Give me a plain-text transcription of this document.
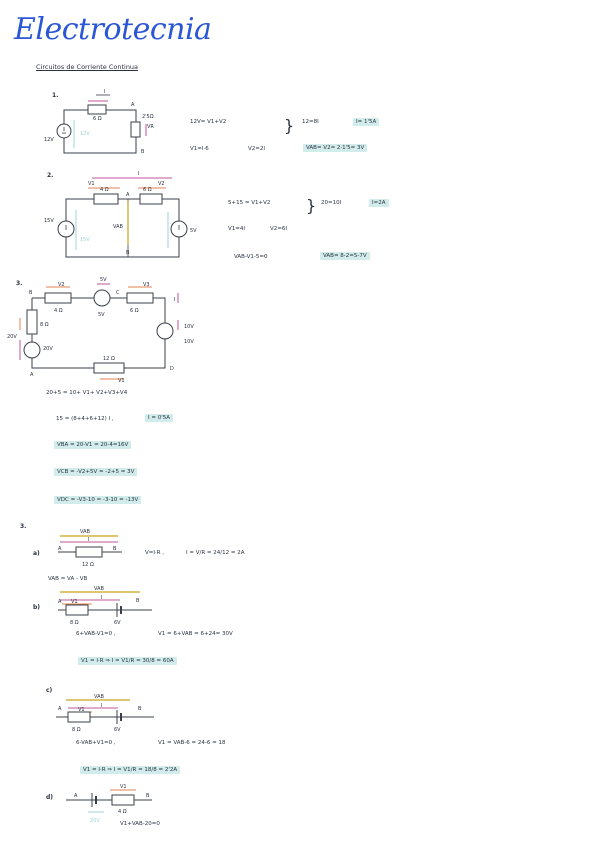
Electrotecnia
Circuitos de Corriente Continua
I
6 Ω
A
B
2'5Ω
12V
VR
12V
I
V1
4 Ω
V2
6 Ω
15V
5V
VAB
15V
A
B
B	C
A
D
V2
4 Ω
5V
5V
V3
6 Ω
I
8 Ω
20V
20V
12 Ω
V1
10V
10V
VAB
I
A	B
12 Ω
VAB
I
V1
A
8 Ω	6V
B
VAB
I
V1
8 Ω	6V
A	B
A
V1
B
4 Ω
20V
1.
12V= V1+V2
V1=I·6	V2=2I
} 12=8I	I= 1'5A
VAB= V2= 2·1'5= 3V
2.
5+15 = V1+V2 } 20=10I	I=2A
V1=4I	V2=6I
VAB-V1-5=0	VAB= 8-2=5-7V
3.
20+5 = 10+ V1+ V2+V3+V4
15 = (8+4+6+12) I ,	I = 0'5A
VBA = 20-V1 = 20-4=16V
VCB = -V2+5V = -2+5 = 3V
VDC = -V3-10 = -3-10 = -13V
3.
a)	V=I·R ,	I = V/R = 24/12 = 2A
VAB = VA - VB
b)
6+VAB-V1=0 ,	V1 = 6+VAB = 6+24= 30V
V1 = I·R ⇒ I = V1/R = 30/8 = 60A
c)
6-VAB+V1=0 ,	V1 = VAB-6 = 24-6 = 18
V1 = I·R ⇒ I = V1/R = 18/8 = 2'2A
d)
V1+VAB-20=0
